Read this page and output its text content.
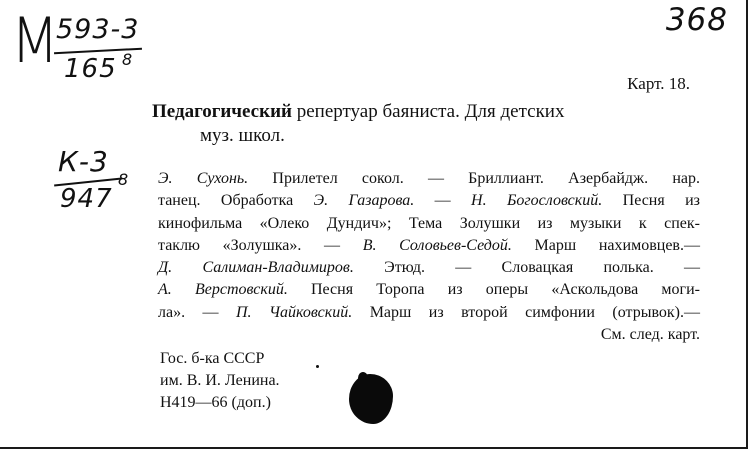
М
593-3
165 8
368
К-3
947
8
Карт. 18.
Педагогический репертуар баяниста. Для детских
муз. школ.
Э. Сухонь. Прилетел сокол. — Бриллиант. Азербайдж. нар.
танец. Обработка Э. Газарова. — Н. Богословский. Песня из
кинофильма «Олеко Дундич»; Тема Золушки из музыки к спек-
таклю «Золушка». — В. Соловьев-Седой. Марш нахимовцев.—
Д. Салиман-Владимиров. Этюд. — Словацкая полька. —
А. Верстовский. Песня Торопа из оперы «Аскольдова моги-
ла». — П. Чайковский. Марш из второй симфонии (отрывок).—
См. след. карт.
Гос. б-ка СССР
им. В. И. Ленина.
Н419—66 (доп.)
